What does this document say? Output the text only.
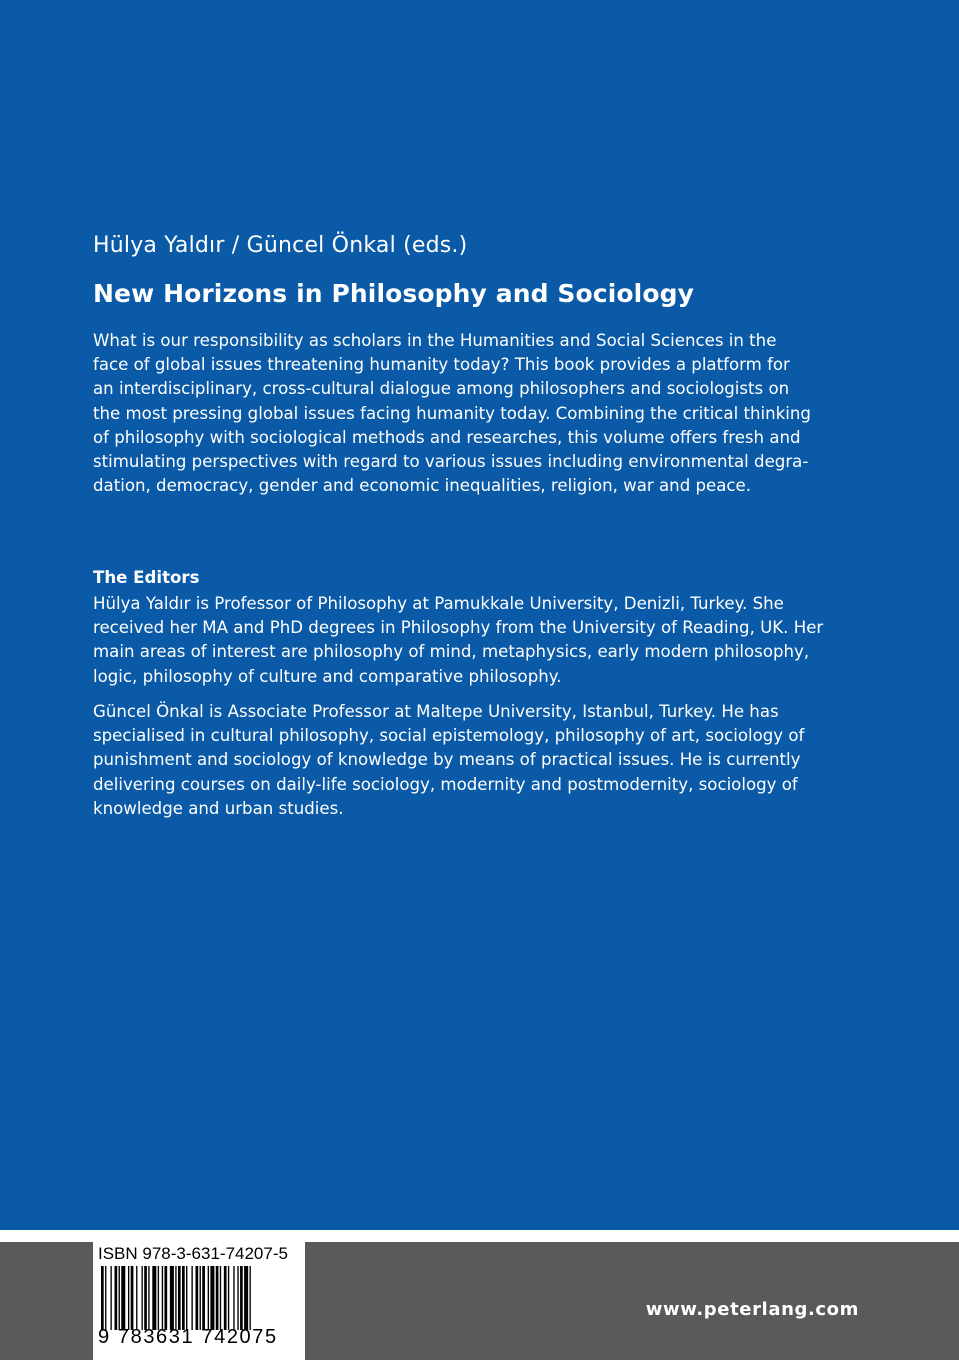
Hülya Yaldır / Güncel Önkal (eds.)
New Horizons in Philosophy and Sociology
What is our responsibility as scholars in the Humanities and Social Sciences in the
face of global issues threatening humanity today? This book provides a platform for
an interdisciplinary, cross-cultural dialogue among philosophers and sociologists on
the most pressing global issues facing humanity today. Combining the critical thinking
of philosophy with sociological methods and researches, this volume offers fresh and
stimulating perspectives with regard to various issues including environmental degra-
dation, democracy, gender and economic inequalities, religion, war and peace.
The Editors
Hülya Yaldır is Professor of Philosophy at Pamukkale University, Denizli, Turkey. She
received her MA and PhD degrees in Philosophy from the University of Reading, UK. Her
main areas of interest are philosophy of mind, metaphysics, early modern philosophy,
logic, philosophy of culture and comparative philosophy.
Güncel Önkal is Associate Professor at Maltepe University, Istanbul, Turkey. He has
specialised in cultural philosophy, social epistemology, philosophy of art, sociology of
punishment and sociology of knowledge by means of practical issues. He is currently
delivering courses on daily-life sociology, modernity and postmodernity, sociology of
knowledge and urban studies.
ISBN 978-3-631-74207-5
9 783631 742075
www.peterlang.com
